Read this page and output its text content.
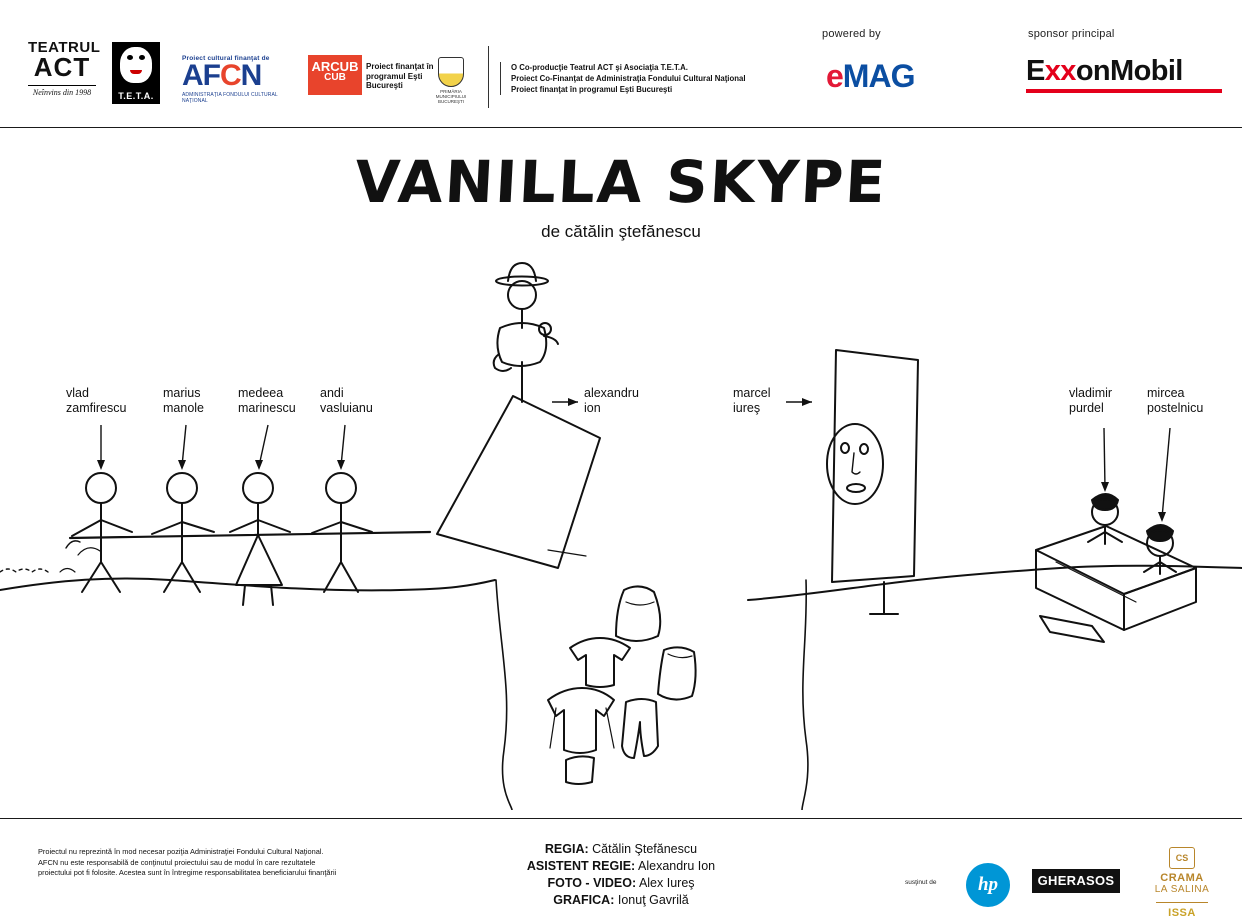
TEATRUL
ACT
Neînvins din 1998	T.E.T.A.
Proiect cultural finanţat de
AFCN
ADMINISTRAŢIA FONDULUI CULTURAL NAŢIONAL
ARCUB
CUB
Proiect finanţat în programul Eşti Bucureşti
PRIMĂRIA MUNICIPIULUI BUCUREŞTI
O Co-producţie Teatrul ACT şi Asociaţia T.E.T.A.
Proiect Co-Finanţat de Administraţia Fondului Cultural Naţional
Proiect finanţat în programul Eşti Bucureşti
powered by
eMAG
sponsor principal
ExxonMobil
VANILLA SKYPE
de cătălin ştefănescu
vlad
zamfirescu
marius
manole
medeea
marinescu
andi
vasluianu
alexandru
ion
marcel
iureş
vladimir
purdel
mircea
postelnicu
Proiectul nu reprezintă în mod necesar poziţia Administraţiei Fondului Cultural Naţional.
AFCN nu este responsabilă de conţinutul proiectului sau de modul în care rezultatele
proiectului pot fi folosite. Acestea sunt în întregime responsabilitatea beneficiarului finanţării
REGIA: Cătălin Ştefănescu
ASISTENT REGIE: Alexandru Ion
FOTO - VIDEO: Alex Iureş
GRAFICA: Ionuţ Gavrilă
susţinut de	hp	GHERASOS
CS
CRAMA
LA SALINA
ISSA
